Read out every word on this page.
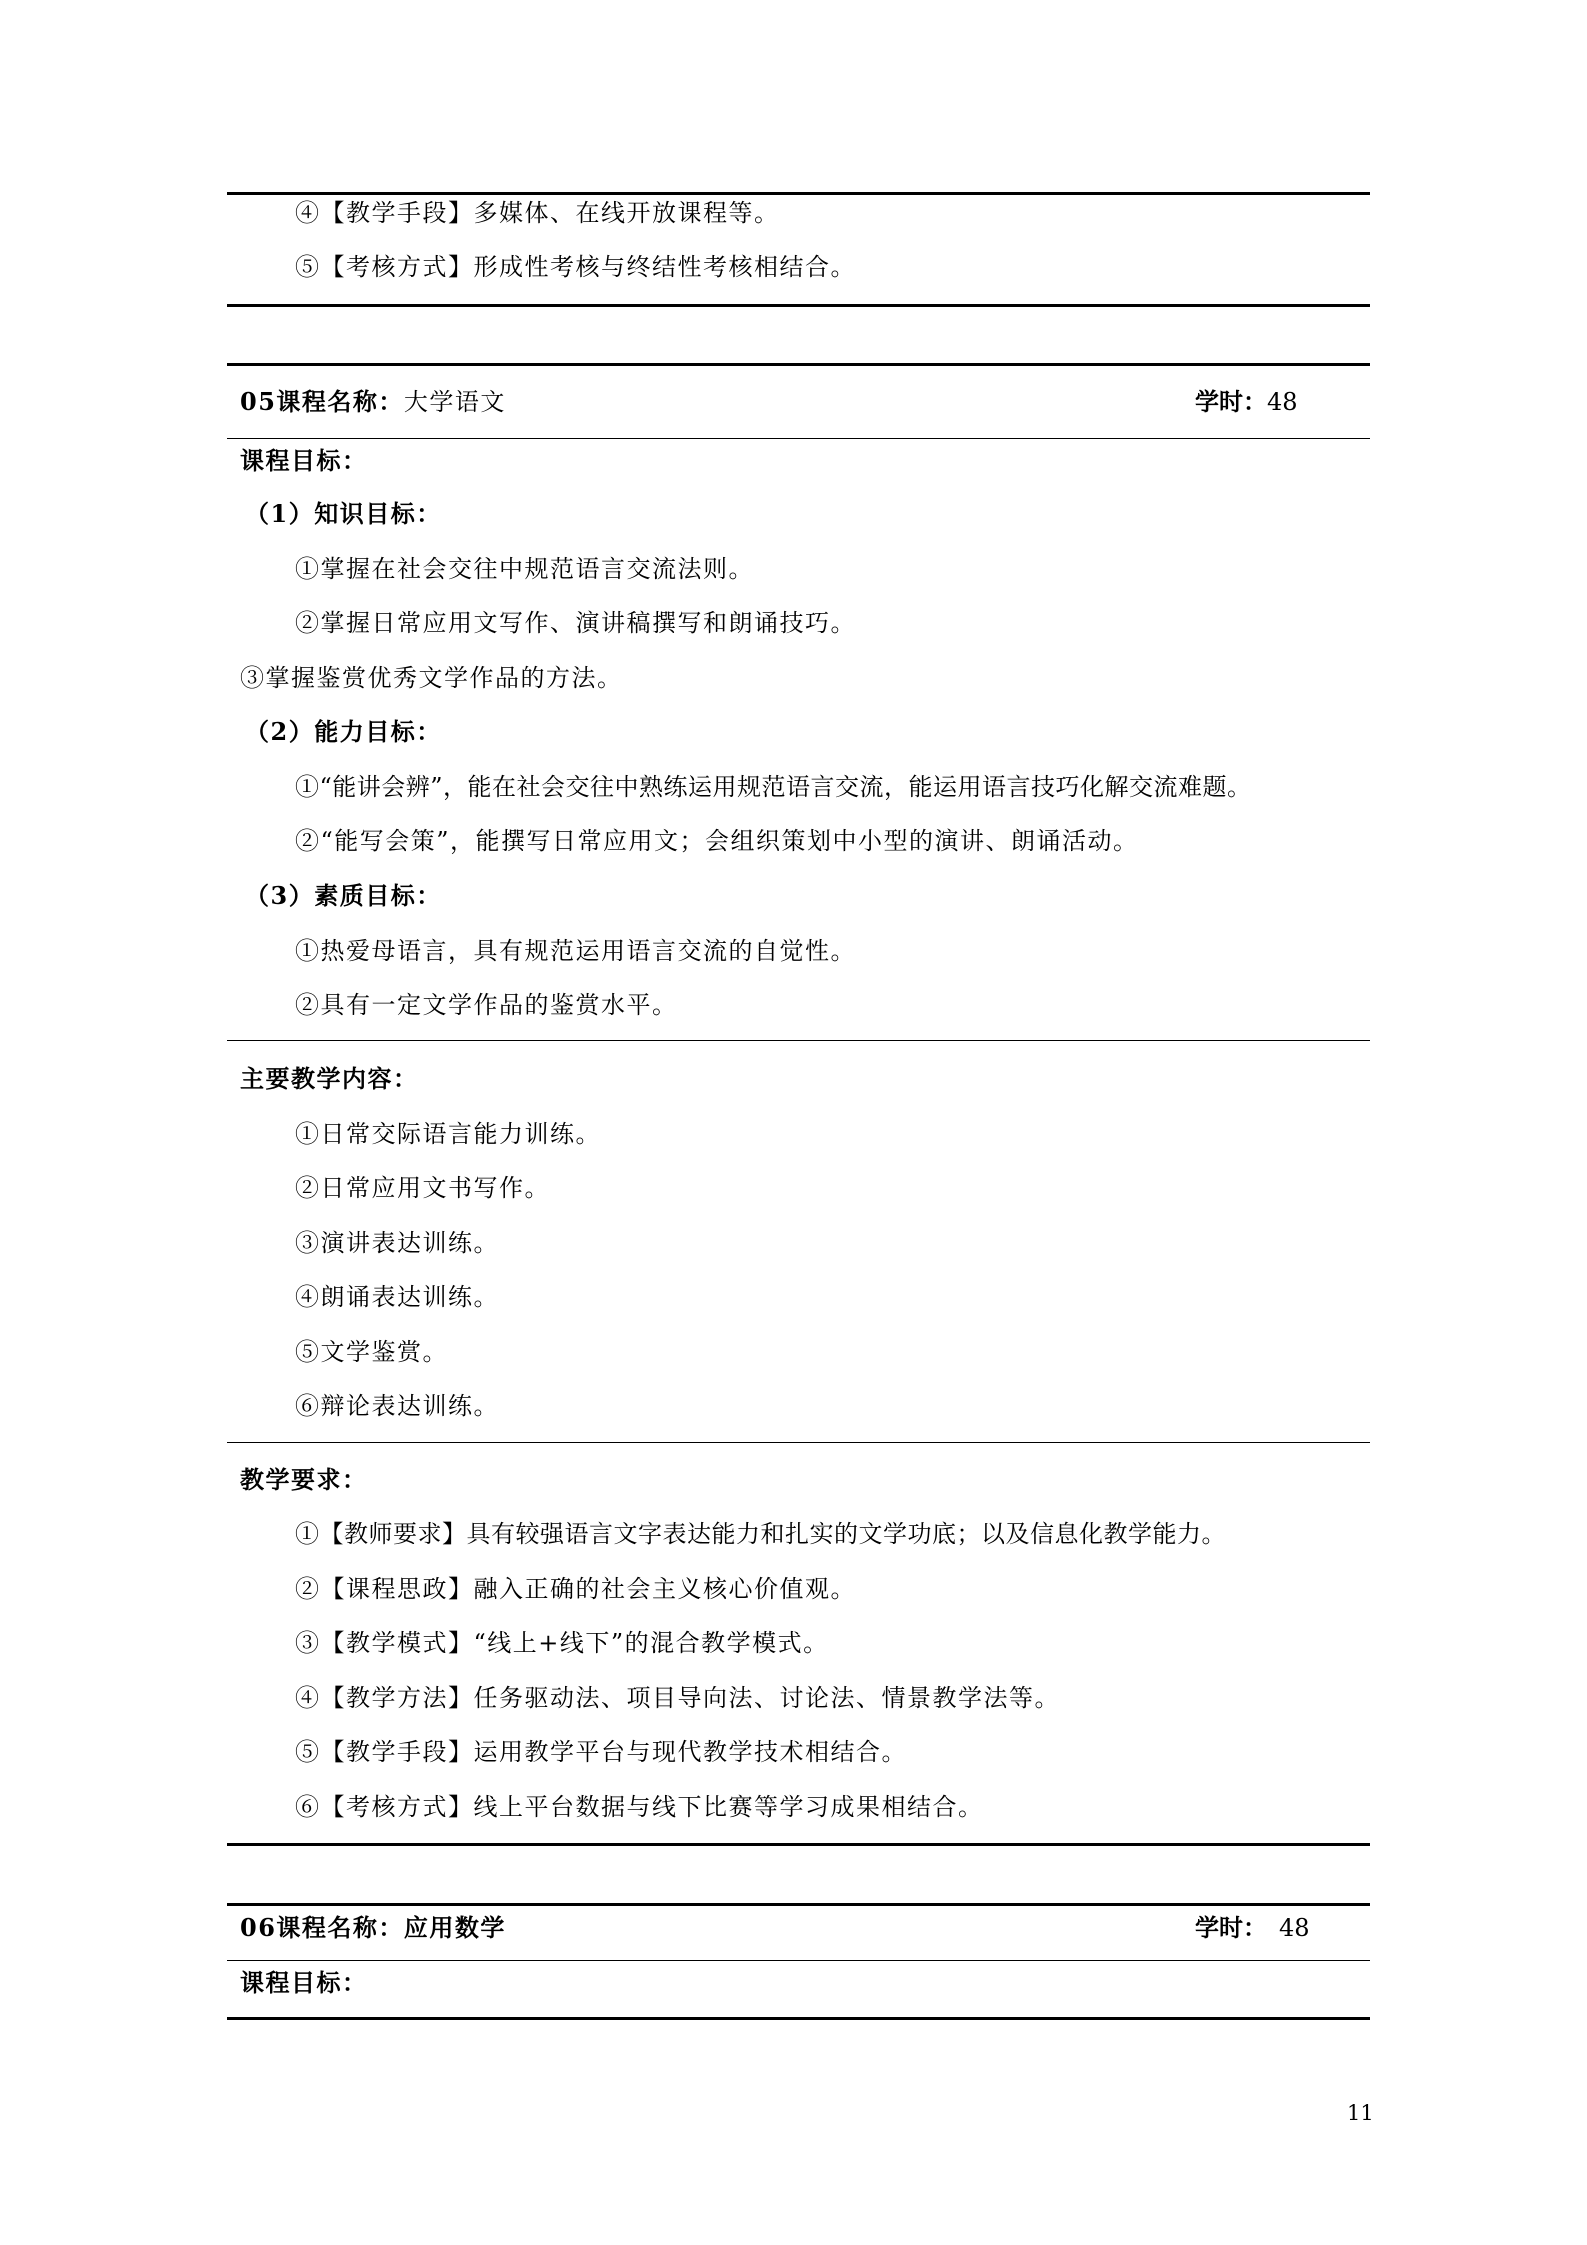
④【教学手段】多媒体、在线开放课程等。
⑤【考核方式】形成性考核与终结性考核相结合。
05课程名称：大学语文	学时：48
课程目标：
（1）知识目标：
①掌握在社会交往中规范语言交流法则。
②掌握日常应用文写作、演讲稿撰写和朗诵技巧。
③掌握鉴赏优秀文学作品的方法。
（2）能力目标：
①“能讲会辨”，能在社会交往中熟练运用规范语言交流，能运用语言技巧化解交流难题。
②“能写会策”，能撰写日常应用文；会组织策划中小型的演讲、朗诵活动。
（3）素质目标：
①热爱母语言，具有规范运用语言交流的自觉性。
②具有一定文学作品的鉴赏水平。
主要教学内容：
①日常交际语言能力训练。
②日常应用文书写作。
③演讲表达训练。
④朗诵表达训练。
⑤文学鉴赏。
⑥辩论表达训练。
教学要求：
①【教师要求】具有较强语言文字表达能力和扎实的文学功底；以及信息化教学能力。
②【课程思政】融入正确的社会主义核心价值观。
③【教学模式】“线上+线下”的混合教学模式。
④【教学方法】任务驱动法、项目导向法、讨论法、情景教学法等。
⑤【教学手段】运用教学平台与现代教学技术相结合。
⑥【考核方式】线上平台数据与线下比赛等学习成果相结合。
06课程名称：应用数学	学时： 48
课程目标：
11
